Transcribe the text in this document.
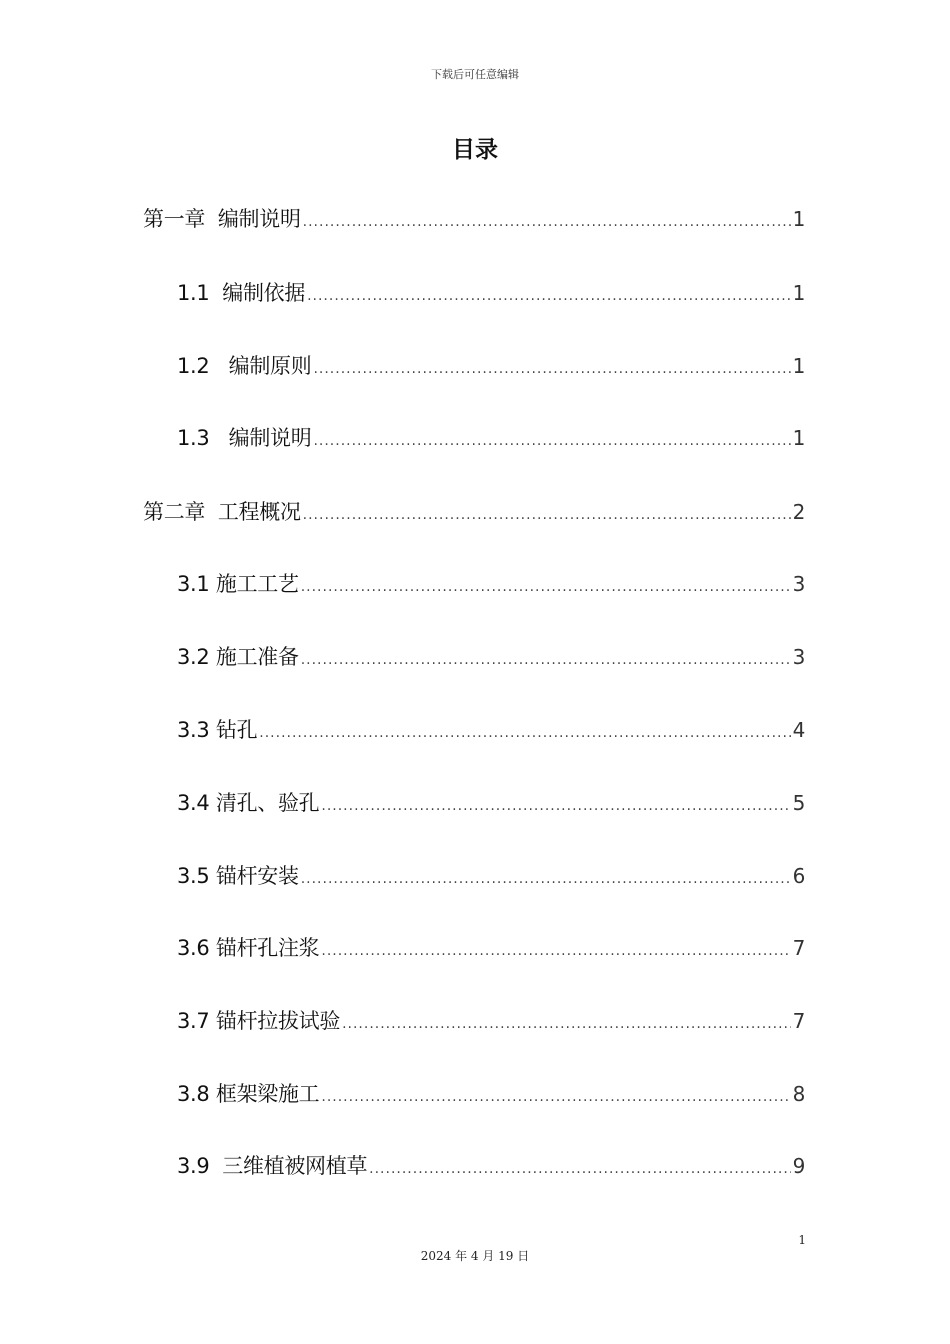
下载后可任意编辑
目录
第一章  编制说明 .....	1
1.1  编制依据 .....	1
1.2   编制原则 .....	1
1.3   编制说明 .....	1
第二章  工程概况 .....	2
3.1 施工工艺 .....	3
3.2 施工准备 .....	3
3.3 钻孔 .....	4
3.4 清孔、验孔 .....	5
3.5 锚杆安装 .....	6
3.6 锚杆孔注浆 .....	7
3.7 锚杆拉拔试验 .....	7
3.8 框架梁施工 .....	8
3.9  三维植被网植草 .....	9
1
2024 年 4 月 19 日
